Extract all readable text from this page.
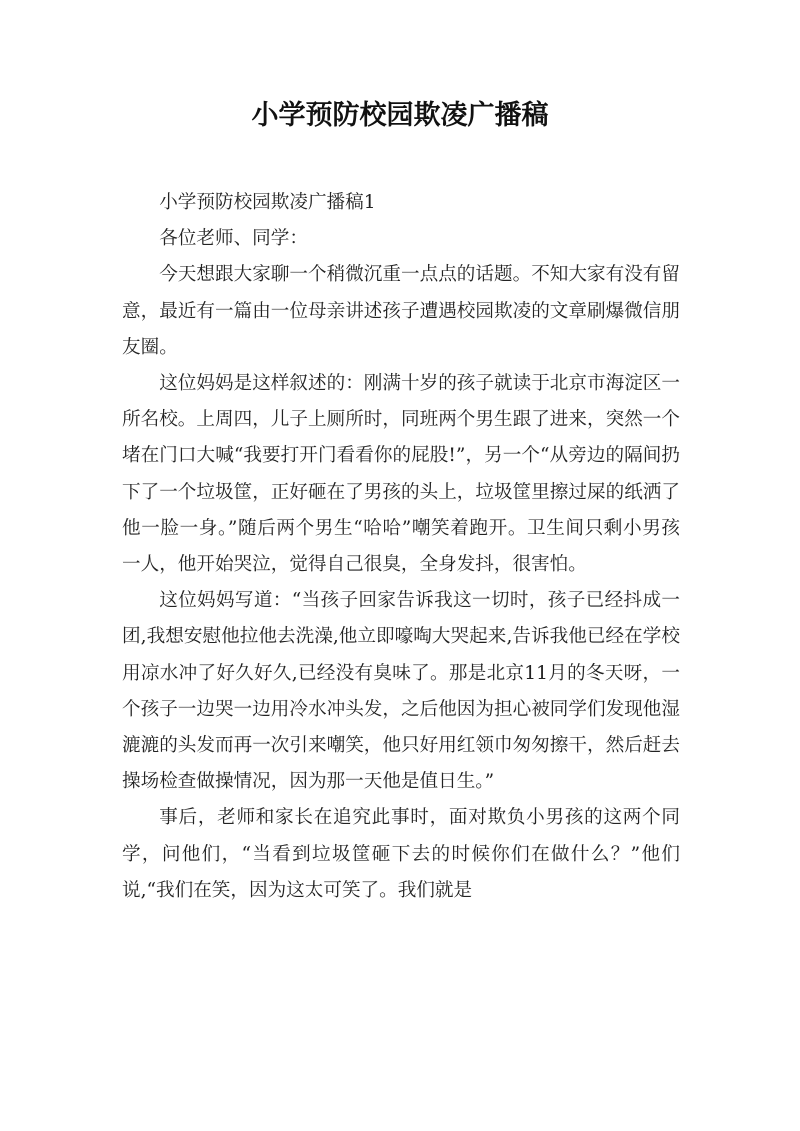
小学预防校园欺凌广播稿

小学预防校园欺凌广播稿1

各位老师、同学：

今天想跟大家聊一个稍微沉重一点点的话题。不知大家有没有留意，最近有一篇由一位母亲讲述孩子遭遇校园欺凌的文章刷爆微信朋友圈。

这位妈妈是这样叙述的：刚满十岁的孩子就读于北京市海淀区一所名校。上周四，儿子上厕所时，同班两个男生跟了进来，突然一个堵在门口大喊“我要打开门看看你的屁股!”，另一个“从旁边的隔间扔下了一个垃圾筐，正好砸在了男孩的头上，垃圾筐里擦过屎的纸洒了他一脸一身。”随后两个男生“哈哈”嘲笑着跑开。卫生间只剩小男孩一人，他开始哭泣，觉得自己很臭，全身发抖，很害怕。

这位妈妈写道：“当孩子回家告诉我这一切时，孩子已经抖成一团,我想安慰他拉他去洗澡,他立即嚎啕大哭起来,告诉我他已经在学校用凉水冲了好久好久,已经没有臭味了。那是北京11月的冬天呀，一个孩子一边哭一边用冷水冲头发，之后他因为担心被同学们发现他湿漉漉的头发而再一次引来嘲笑，他只好用红领巾匆匆擦干，然后赶去操场检查做操情况，因为那一天他是值日生。”

事后，老师和家长在追究此事时，面对欺负小男孩的这两个同学，问他们，“当看到垃圾筐砸下去的时候你们在做什么？”他们说,“我们在笑，因为这太可笑了。我们就是
